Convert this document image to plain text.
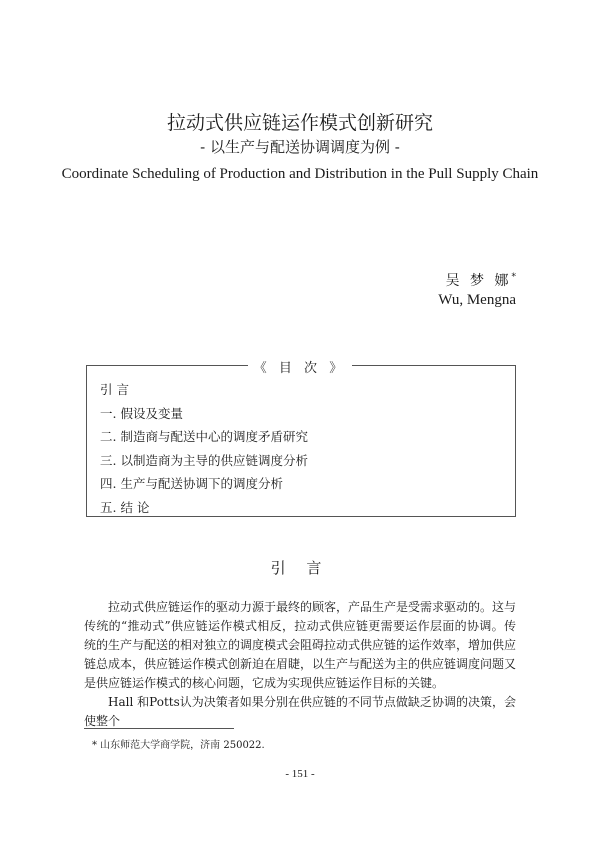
拉动式供应链运作模式创新研究
- 以生产与配送协调调度为例 -
Coordinate Scheduling of Production and Distribution in the Pull Supply Chain
吴 梦 娜*
Wu, Mengna
《 目 次 》
引 言
一. 假设及变量
二. 制造商与配送中心的调度矛盾研究
三. 以制造商为主导的供应链调度分析
四. 生产与配送协调下的调度分析
五. 结 论
引 言

拉动式供应链运作的驱动力源于最终的顾客，产品生产是受需求驱动的。这与传统的“推动式”供应链运作模式相反，拉动式供应链更需要运作层面的协调。传统的生产与配送的相对独立的调度模式会阻碍拉动式供应链的运作效率，增加供应链总成本，供应链运作模式创新迫在眉睫，以生产与配送为主的供应链调度问题又是供应链运作模式的核心问题，它成为实现供应链运作目标的关键。

Hall 和Potts认为决策者如果分别在供应链的不同节点做缺乏协调的决策，会使整个

* 山东师范大学商学院，济南 250022.
- 151 -
